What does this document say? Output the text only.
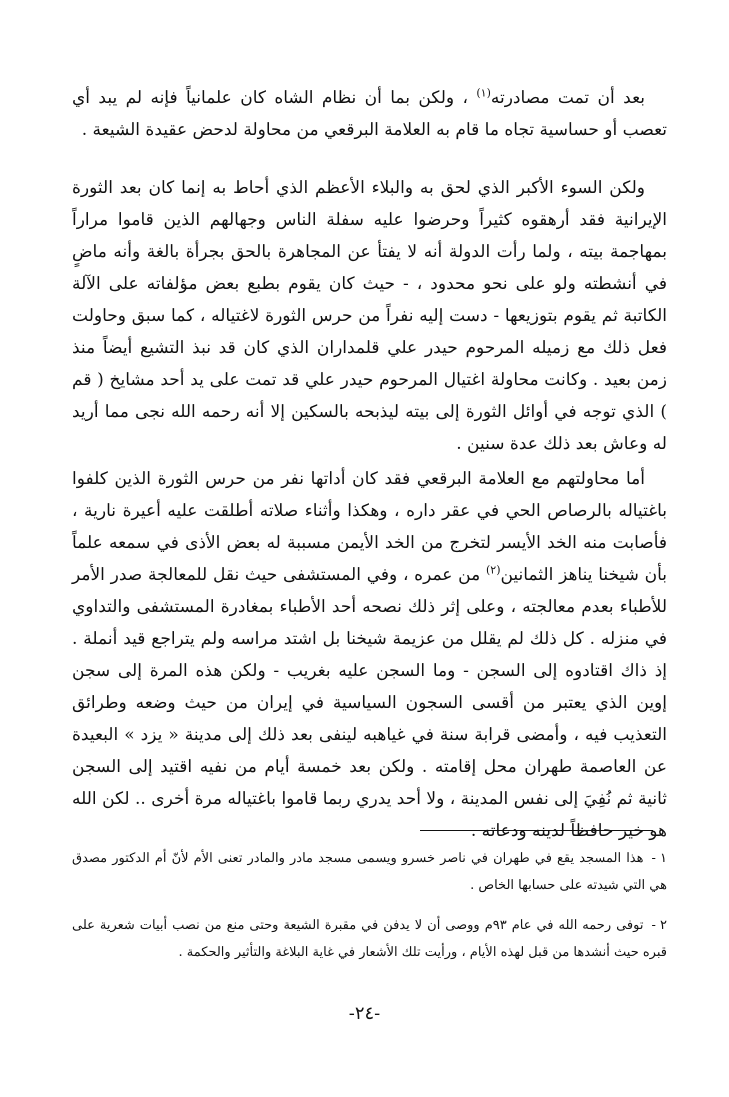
بعد أن تمت مصادرته$^{(١)}$ ، ولكن بما أن نظام الشاه كان علمانياً فإنه لم يبد أي تعصب أو حساسية تجاه ما قام به العلامة البرقعي من محاولة لدحض عقيدة الشيعة .

ولكن السوء الأكبر الذي لحق به والبلاء الأعظم الذي أحاط به إنما كان بعد الثورة الإيرانية فقد أرهقوه كثيراً وحرضوا عليه سفلة الناس وجهالهم الذين قاموا مراراً بمهاجمة بيته ، ولما رأت الدولة أنه لا يفتأ عن المجاهرة بالحق بجرأة بالغة وأنه ماضٍ في أنشطته ولو على نحو محدود ، - حيث كان يقوم بطبع بعض مؤلفاته على الآلة الكاتبة ثم يقوم بتوزيعها - دست إليه نفراً من حرس الثورة لاغتياله ، كما سبق وحاولت فعل ذلك مع زميله المرحوم حيدر علي قلمداران الذي كان قد نبذ التشيع أيضاً منذ زمن بعيد . وكانت محاولة اغتيال المرحوم حيدر علي قد تمت على يد أحد مشايخ ( قم ) الذي توجه في أوائل الثورة إلى بيته ليذبحه بالسكين إلا أنه رحمه الله نجى مما أريد له وعاش بعد ذلك عدة سنين .

أما محاولتهم مع العلامة البرقعي فقد كان أداتها نفر من حرس الثورة الذين كلفوا باغتياله بالرصاص الحي في عقر داره ، وهكذا وأثناء صلاته أطلقت عليه أعيرة نارية ، فأصابت منه الخد الأيسر لتخرج من الخد الأيمن مسببة له بعض الأذى في سمعه علماً بأن شيخنا يناهز الثمانين$^{(٢)}$ من عمره ، وفي المستشفى حيث نقل للمعالجة صدر الأمر للأطباء بعدم معالجته ، وعلى إثر ذلك نصحه أحد الأطباء بمغادرة المستشفى والتداوي في منزله . كل ذلك لم يقلل من عزيمة شيخنا بل اشتد مراسه ولم يتراجع قيد أنملة . إذ ذاك اقتادوه إلى السجن - وما السجن عليه بغريب - ولكن هذه المرة إلى سجن إوين الذي يعتبر من أقسى السجون السياسية في إيران من حيث وضعه وطرائق التعذيب فيه ، وأمضى قرابة سنة في غياهبه لينفى بعد ذلك إلى مدينة « يزد » البعيدة عن العاصمة طهران محل إقامته . ولكن بعد خمسة أيام من نفيه اقتيد إلى السجن ثانية ثم نُفِيَ إلى نفس المدينة ، ولا أحد يدري ربما قاموا باغتياله مرة أخرى .. لكن الله هو خير حافظاً لدينه ودعاته .

١ -هذا المسجد يقع في طهران في ناصر خسرو ويسمى مسجد مادر والمادر تعنى الأم لأنّ أم الدكتور مصدق هي التي شيدته على حسابها الخاص .

٢ -توفى رحمه الله في عام ٩٣م ووصى أن لا يدفن في مقبرة الشيعة وحتى منع من نصب أبيات شعرية على قبره حيث أنشدها من قبل لهذه الأيام ، ورأيت تلك الأشعار في غاية البلاغة والتأثير والحكمة .

-٢٤-
